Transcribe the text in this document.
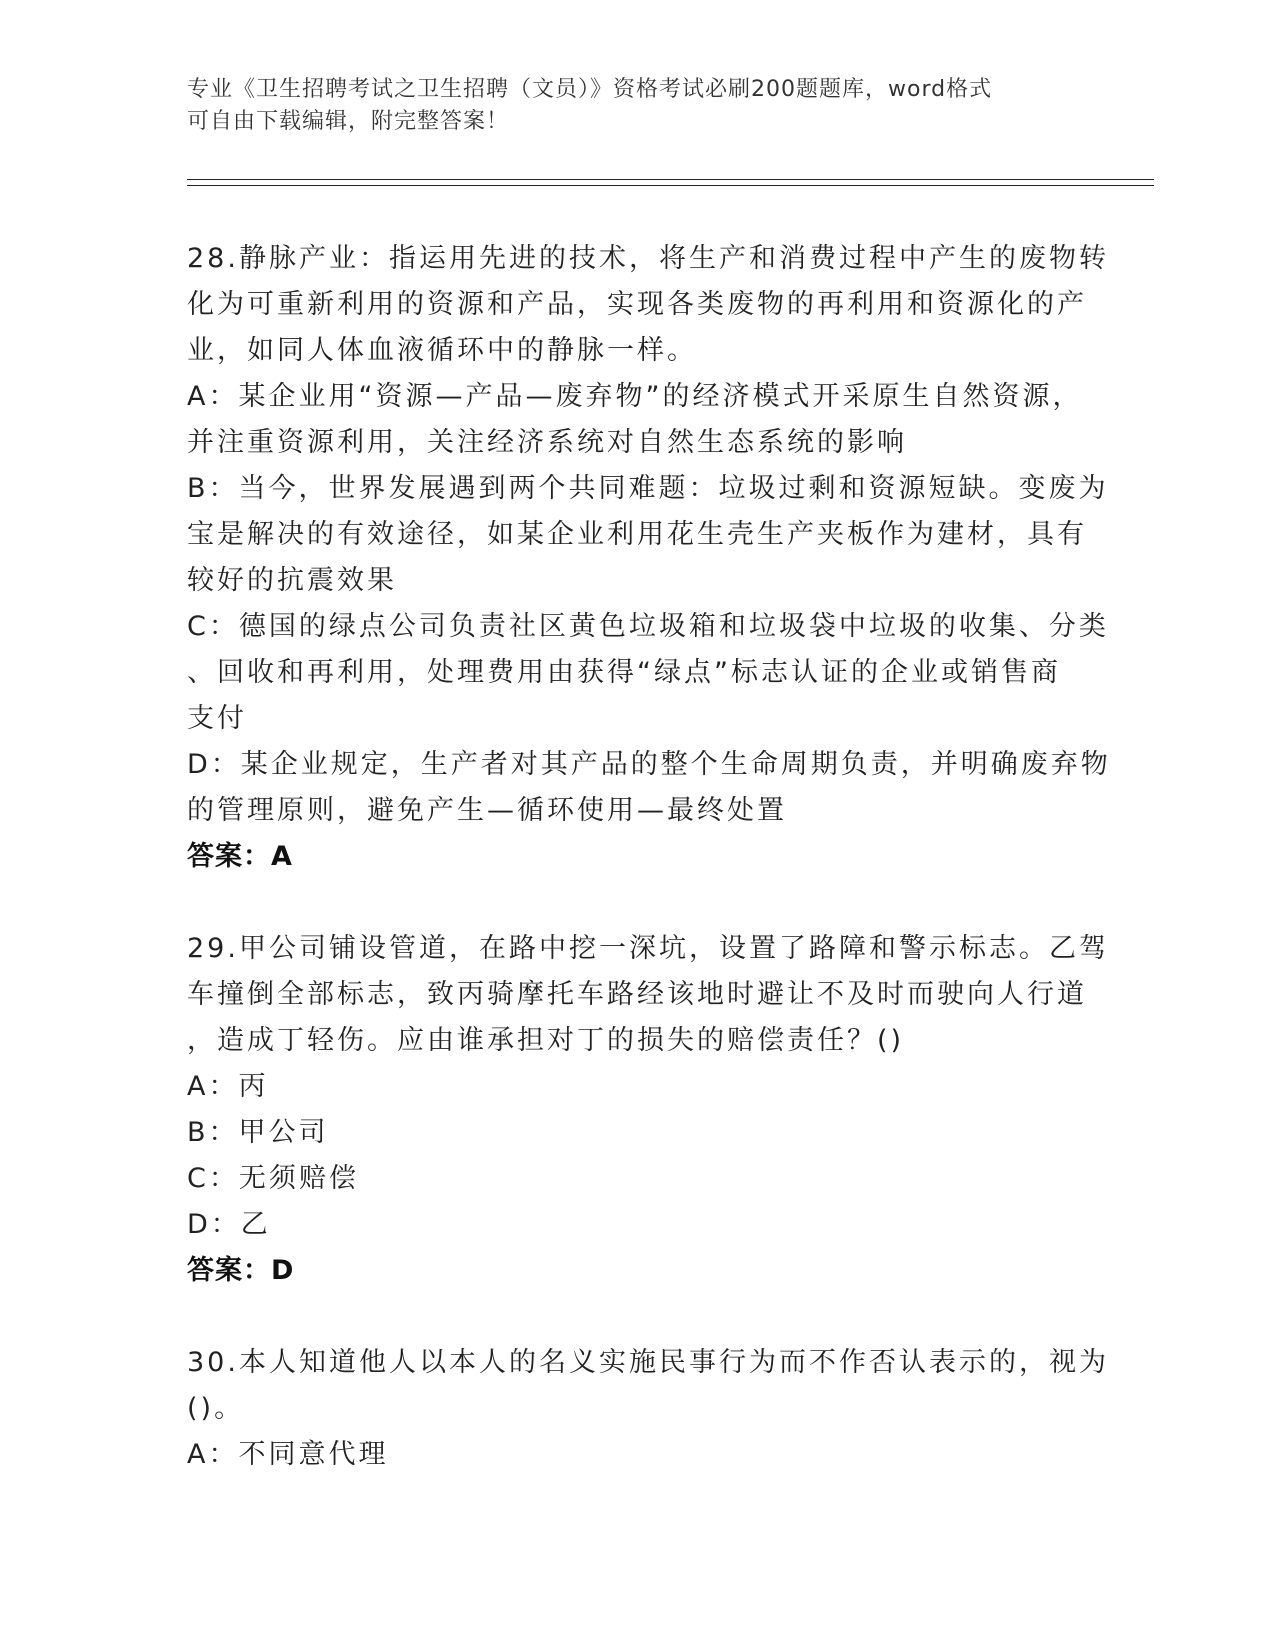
专业《卫生招聘考试之卫生招聘（文员）》资格考试必刷200题题库，word格式
可自由下载编辑，附完整答案！
28.静脉产业：指运用先进的技术，将生产和消费过程中产生的废物转
化为可重新利用的资源和产品，实现各类废物的再利用和资源化的产
业，如同人体血液循环中的静脉一样。
A：某企业用“资源—产品—废弃物”的经济模式开采原生自然资源，
并注重资源利用，关注经济系统对自然生态系统的影响
B：当今，世界发展遇到两个共同难题：垃圾过剩和资源短缺。变废为
宝是解决的有效途径，如某企业利用花生壳生产夹板作为建材，具有
较好的抗震效果
C：德国的绿点公司负责社区黄色垃圾箱和垃圾袋中垃圾的收集、分类
、回收和再利用，处理费用由获得“绿点”标志认证的企业或销售商
支付
D：某企业规定，生产者对其产品的整个生命周期负责，并明确废弃物
的管理原则，避免产生—循环使用—最终处置
答案：A
29.甲公司铺设管道，在路中挖一深坑，设置了路障和警示标志。乙驾
车撞倒全部标志，致丙骑摩托车路经该地时避让不及时而驶向人行道
，造成丁轻伤。应由谁承担对丁的损失的赔偿责任？()
A：丙
B：甲公司
C：无须赔偿
D：乙
答案：D
30.本人知道他人以本人的名义实施民事行为而不作否认表示的，视为
()。
A：不同意代理
